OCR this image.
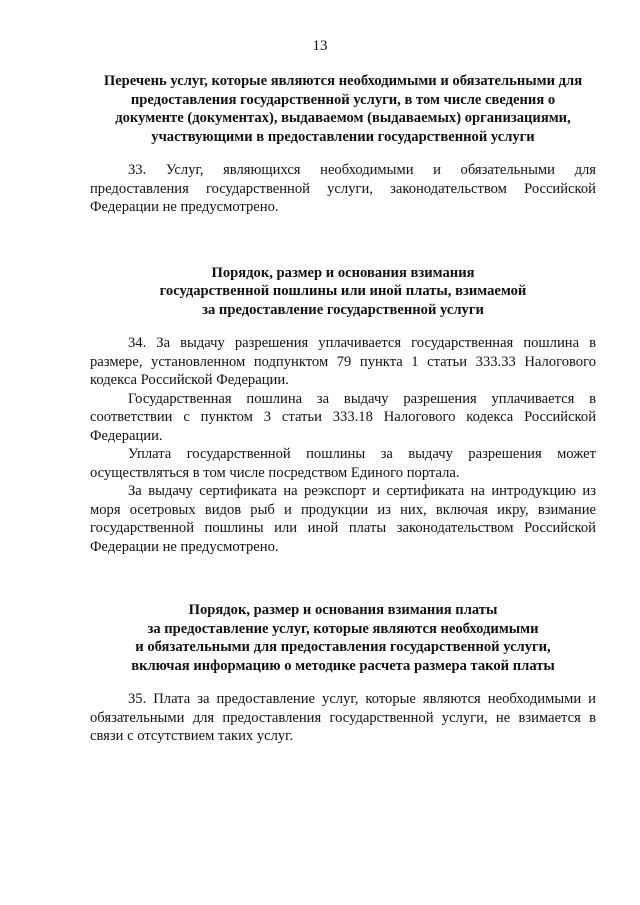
13
Перечень услуг, которые являются необходимыми и обязательными для
предоставления государственной услуги, в том числе сведения о
документе (документах), выдаваемом (выдаваемых) организациями,
участвующими в предоставлении государственной услуги

33. Услуг, являющихся необходимыми и обязательными для предоставления государственной услуги, законодательством Российской Федерации не предусмотрено.

Порядок, размер и основания взимания
государственной пошлины или иной платы, взимаемой
за предоставление государственной услуги

34. За выдачу разрешения уплачивается государственная пошлина в размере, установленном подпунктом 79 пункта 1 статьи 333.33 Налогового кодекса Российской Федерации.

Государственная пошлина за выдачу разрешения уплачивается в соответствии с пунктом 3 статьи 333.18 Налогового кодекса Российской Федерации.

Уплата государственной пошлины за выдачу разрешения может осуществляться в том числе посредством Единого портала.

За выдачу сертификата на реэкспорт и сертификата на интродукцию из моря осетровых видов рыб и продукции из них, включая икру, взимание государственной пошлины или иной платы законодательством Российской Федерации не предусмотрено.

Порядок, размер и основания взимания платы
за предоставление услуг, которые являются необходимыми
и обязательными для предоставления государственной услуги,
включая информацию о методике расчета размера такой платы

35. Плата за предоставление услуг, которые являются необходимыми и обязательными для предоставления государственной услуги, не взимается в связи с отсутствием таких услуг.
